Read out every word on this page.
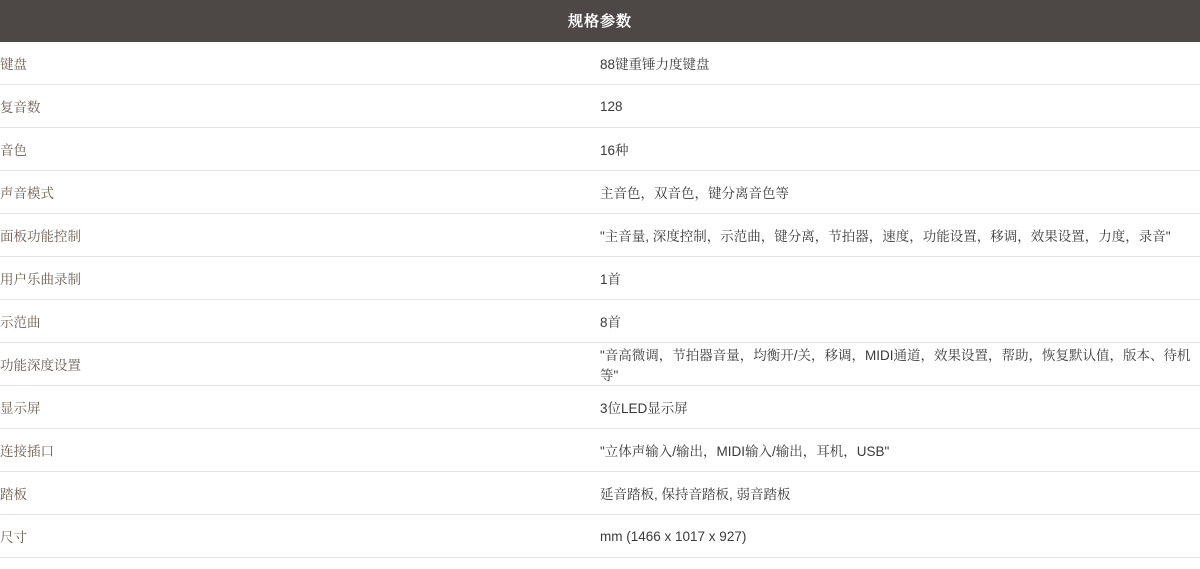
规格参数	
键盘	88键重锤力度键盘
复音数	128
音色	16种
声音模式	主音色，双音色，键分离音色等
面板功能控制	"主音量, 深度控制，示范曲，键分离，节拍器，速度，功能设置，移调，效果设置，力度，录音"
用户乐曲录制	1首
示范曲	8首
功能深度设置	"音高微调，节拍器音量，均衡开/关，移调，MIDI通道，效果设置，帮助，恢复默认值，版本、待机等"
显示屏	3位LED显示屏
连接插口	"立体声输入/输出，MIDI输入/输出，耳机，USB"
踏板	延音踏板, 保持音踏板, 弱音踏板
尺寸	mm (1466 x 1017 x 927)
